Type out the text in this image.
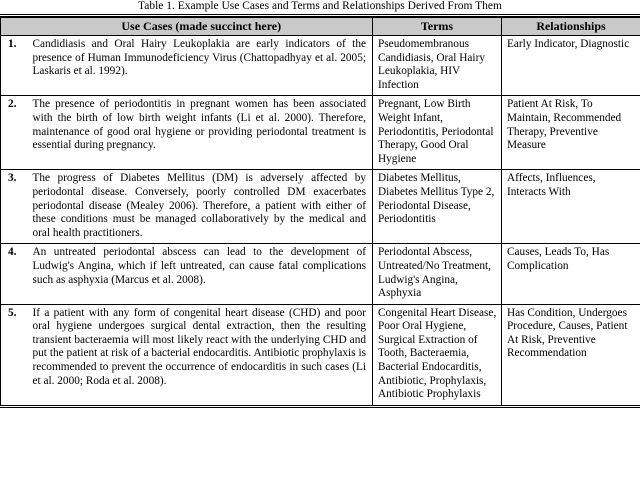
Table 1. Example Use Cases and Terms and Relationships Derived From Them
	Use Cases (made succinct here)	Terms	Relationships
1.	Candidiasis and Oral Hairy Leukoplakia are early indicators of the presence of Human Immunodeficiency Virus (Chattopadhyay et al. 2005; Laskaris et al. 1992).	Pseudomembranous Candidiasis, Oral Hairy Leukoplakia, HIV Infection	Early Indicator, Diagnostic
2.	The presence of periodontitis in pregnant women has been associated with the birth of low birth weight infants (Li et al. 2000). Therefore, maintenance of good oral hygiene or providing periodontal treatment is essential during pregnancy.	Pregnant, Low Birth Weight Infant, Periodontitis, Periodontal Therapy, Good Oral Hygiene	Patient At Risk, To Maintain, Recommended Therapy, Preventive Measure
3.	The progress of Diabetes Mellitus (DM) is adversely affected by periodontal disease. Conversely, poorly controlled DM exacerbates periodontal disease (Mealey 2006). Therefore, a patient with either of these conditions must be managed collaboratively by the medical and oral health practitioners.	Diabetes Mellitus, Diabetes Mellitus Type 2, Periodontal Disease, Periodontitis	Affects, Influences, Interacts With
4.	An untreated periodontal abscess can lead to the development of Ludwig's Angina, which if left untreated, can cause fatal complications such as asphyxia (Marcus et al. 2008).	Periodontal Abscess, Untreated/No Treatment, Ludwig's Angina, Asphyxia	Causes, Leads To, Has Complication
5.	If a patient with any form of congenital heart disease (CHD) and poor oral hygiene undergoes surgical dental extraction, then the resulting transient bacteraemia will most likely react with the underlying CHD and put the patient at risk of a bacterial endocarditis. Antibiotic prophylaxis is recommended to prevent the occurrence of endocarditis in such cases (Li et al. 2000; Roda et al. 2008).	Congenital Heart Disease, Poor Oral Hygiene, Surgical Extraction of Tooth, Bacteraemia, Bacterial Endocarditis, Antibiotic, Prophylaxis, Antibiotic Prophylaxis	Has Condition, Undergoes Procedure, Causes, Patient At Risk, Preventive Recommendation
